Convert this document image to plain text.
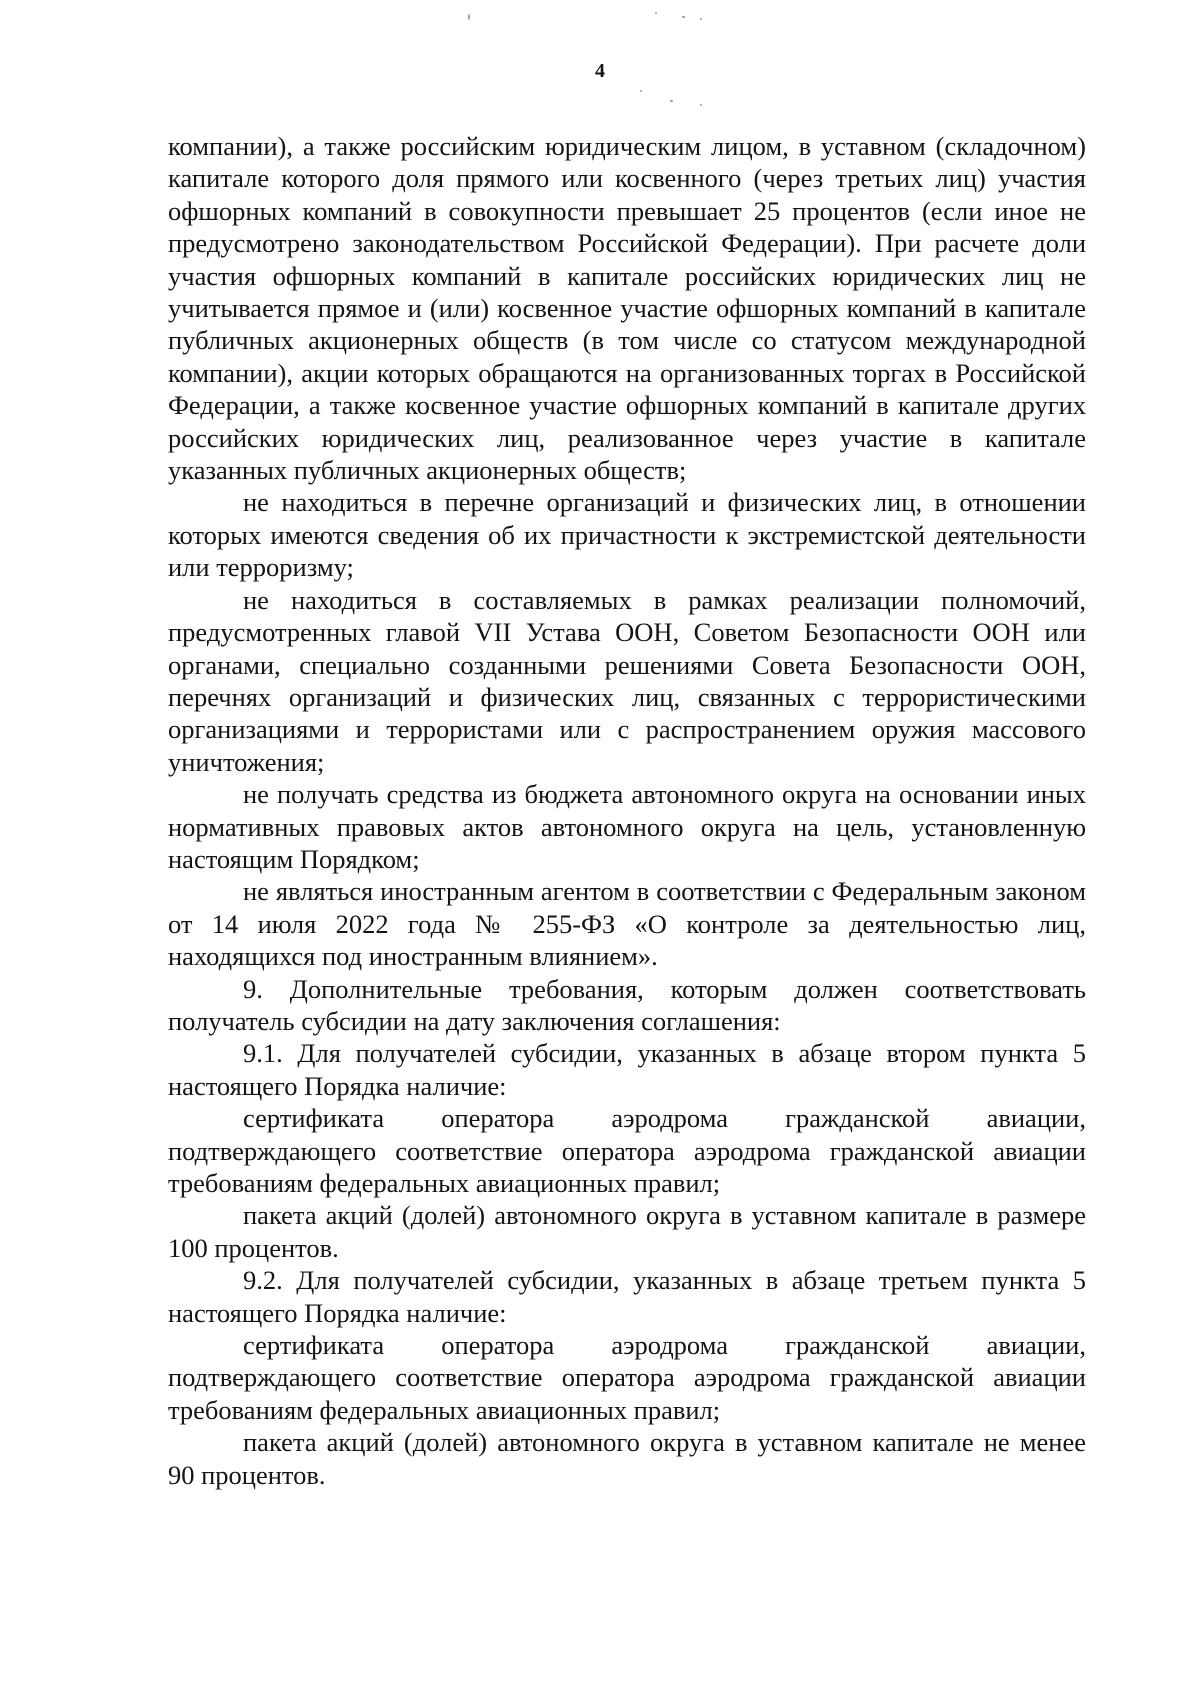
4

компании), а также российским юридическим лицом, в уставном (складочном) капитале которого доля прямого или косвенного (через третьих лиц) участия офшорных компаний в совокупности превышает 25 процентов (если иное не предусмотрено законодательством Российской Федерации). При расчете доли участия офшорных компаний в капитале российских юридических лиц не учитывается прямое и (или) косвенное участие офшорных компаний в капитале публичных акционерных обществ (в том числе со статусом международной компании), акции которых обращаются на организованных торгах в Российской Федерации, а также косвенное участие офшорных компаний в капитале других российских юридических лиц, реализованное через участие в капитале указанных публичных акционерных обществ;

не находиться в перечне организаций и физических лиц, в отношении которых имеются сведения об их причастности к экстремистской деятельности или терроризму;

не находиться в составляемых в рамках реализации полномочий, предусмотренных главой VII Устава ООН, Советом Безопасности ООН или органами, специально созданными решениями Совета Безопасности ООН, перечнях организаций и физических лиц, связанных с террористическими организациями и террористами или с распространением оружия массового уничтожения;

не получать средства из бюджета автономного округа на основании иных нормативных правовых актов автономного округа на цель, установленную настоящим Порядком;

не являться иностранным агентом в соответствии с Федеральным законом от 14 июля 2022 года № 255-ФЗ «О контроле за деятельностью лиц, находящихся под иностранным влиянием».

9. Дополнительные требования, которым должен соответствовать получатель субсидии на дату заключения соглашения:

9.1. Для получателей субсидии, указанных в абзаце втором пункта 5 настоящего Порядка наличие:

сертификата оператора аэродрома гражданской авиации, подтверждающего соответствие оператора аэродрома гражданской авиации требованиям федеральных авиационных правил;

пакета акций (долей) автономного округа в уставном капитале в размере 100 процентов.

9.2. Для получателей субсидии, указанных в абзаце третьем пункта 5 настоящего Порядка наличие:

сертификата оператора аэродрома гражданской авиации, подтверждающего соответствие оператора аэродрома гражданской авиации требованиям федеральных авиационных правил;

пакета акций (долей) автономного округа в уставном капитале не менее 90 процентов.
